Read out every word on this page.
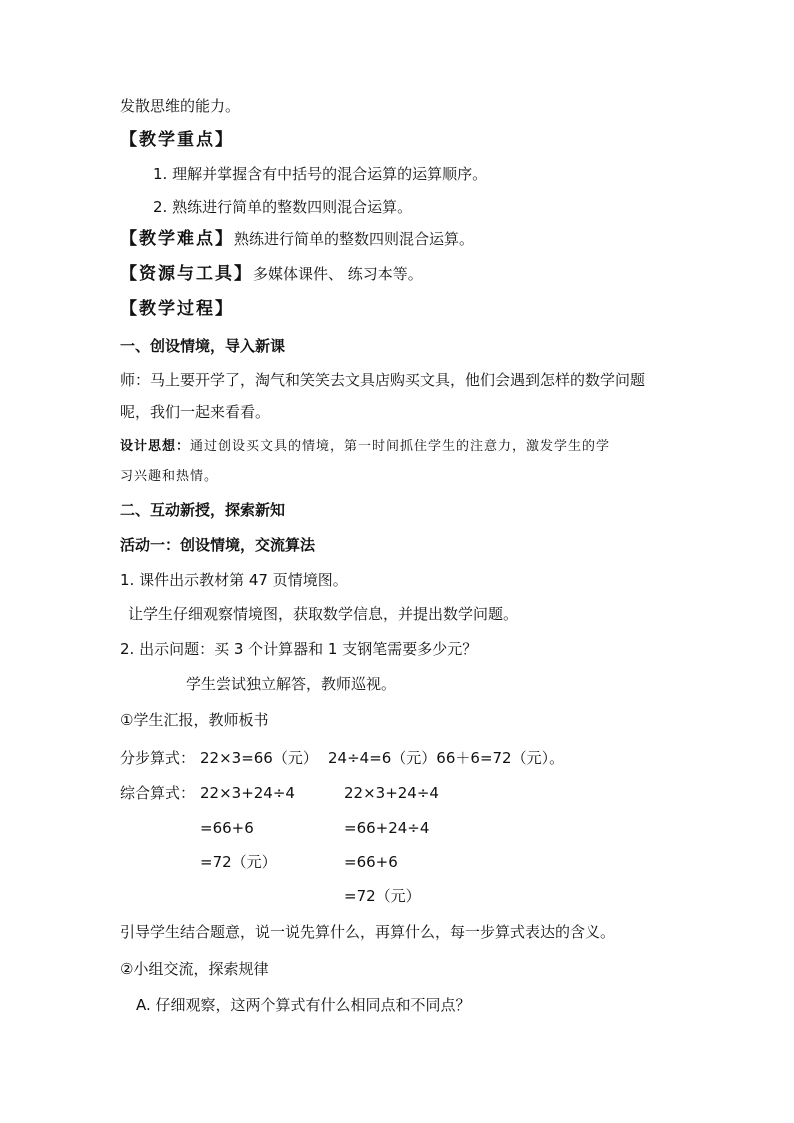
发散思维的能力。
【教学重点】
1. 理解并掌握含有中括号的混合运算的运算顺序。
2. 熟练进行简单的整数四则混合运算。
【教学难点】熟练进行简单的整数四则混合运算。
【资源与工具】多媒体课件、 练习本等。
【教学过程】
一、创设情境，导入新课
师：马上要开学了，淘气和笑笑去文具店购买文具，他们会遇到怎样的数学问题
呢，我们一起来看看。
设计思想：通过创设买文具的情境，第一时间抓住学生的注意力，激发学生的学
习兴趣和热情。
二、互动新授，探索新知
活动一：创设情境，交流算法
1. 课件出示教材第 47 页情境图。
让学生仔细观察情境图，获取数学信息，并提出数学问题。
2. 出示问题：买 3 个计算器和 1 支钢笔需要多少元？
学生尝试独立解答，教师巡视。
①学生汇报，教师板书
分步算式： 22×3=66（元） 24÷4=6（元）66＋6=72（元）。
综合算式： 22×3+24÷4
=66+6
=72（元）
22×3+24÷4
=66+24÷4
=66+6
=72（元）
引导学生结合题意，说一说先算什么，再算什么，每一步算式表达的含义。
②小组交流，探索规律
A. 仔细观察，这两个算式有什么相同点和不同点？
